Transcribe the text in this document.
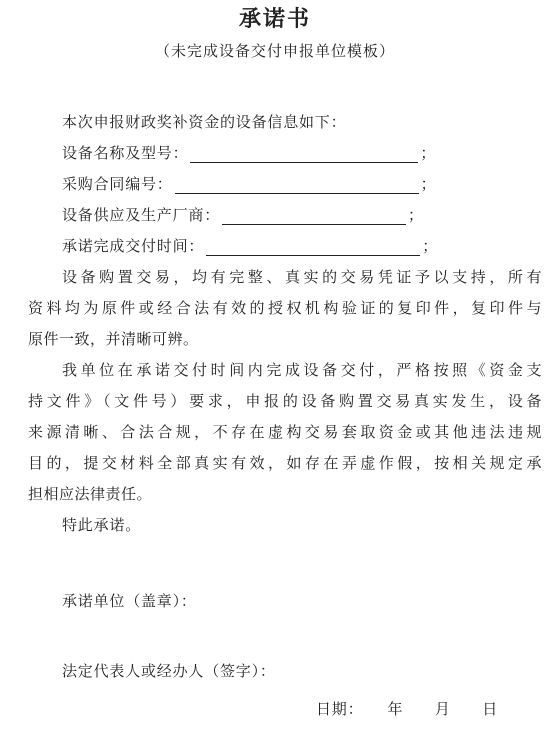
承诺书
（未完成设备交付申报单位模板）
本次申报财政奖补资金的设备信息如下：
设备名称及型号：	；
采购合同编号：	；
设备供应及生产厂商：	；
承诺完成交付时间：	；
设备购置交易，均有完整、真实的交易凭证予以支持，所有
资料均为原件或经合法有效的授权机构验证的复印件，复印件与
原件一致，并清晰可辨。
我单位在承诺交付时间内完成设备交付，严格按照《资金支
持文件》（文件号）要求，申报的设备购置交易真实发生，设备
来源清晰、合法合规，不存在虚构交易套取资金或其他违法违规
目的，提交材料全部真实有效，如存在弄虚作假，按相关规定承
担相应法律责任。
特此承诺。
承诺单位（盖章）：
法定代表人或经办人（签字）：
日期：　　年　　月　　日
